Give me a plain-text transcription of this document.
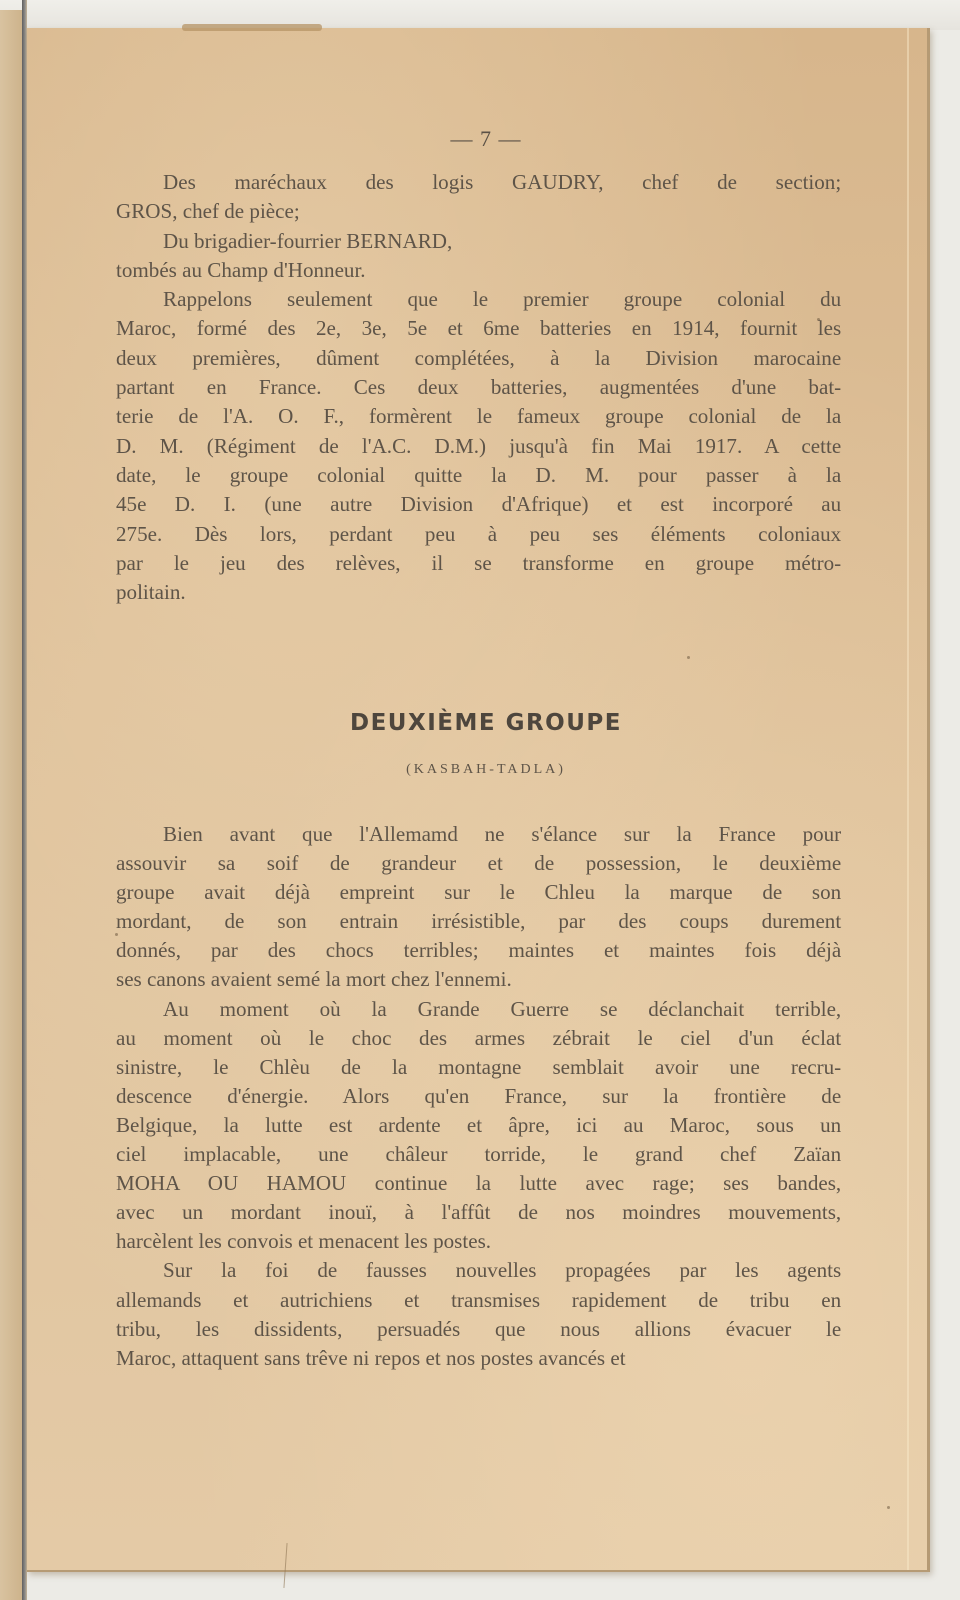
— 7 —

Des maréchaux des logis GAUDRY, chef de section;
GROS, chef de pièce;

Du brigadier-fourrier BERNARD,

tombés au Champ d'Honneur.

Rappelons seulement que le premier groupe colonial du
Maroc, formé des 2e, 3e, 5e et 6me batteries en 1914, fournit les
deux premières, dûment complétées, à la Division marocaine
partant en France. Ces deux batteries, augmentées d'une bat-
terie de l'A. O. F., formèrent le fameux groupe colonial de la
D. M. (Régiment de l'A.C. D.M.) jusqu'à fin Mai 1917. A cette
date, le groupe colonial quitte la D. M. pour passer à la
45e D. I. (une autre Division d'Afrique) et est incorporé au
275e. Dès lors, perdant peu à peu ses éléments coloniaux
par le jeu des relèves, il se transforme en groupe métro-
politain.

DEUXIÈME GROUPE
(KASBAH-TADLA)

Bien avant que l'Allemamd ne s'élance sur la France pour
assouvir sa soif de grandeur et de possession, le deuxième
groupe avait déjà empreint sur le Chleu la marque de son
mordant, de son entrain irrésistible, par des coups durement
donnés, par des chocs terribles; maintes et maintes fois déjà
ses canons avaient semé la mort chez l'ennemi.

Au moment où la Grande Guerre se déclanchait terrible,
au moment où le choc des armes zébrait le ciel d'un éclat
sinistre, le Chlèu de la montagne semblait avoir une recru-
descence d'énergie. Alors qu'en France, sur la frontière de
Belgique, la lutte est ardente et âpre, ici au Maroc, sous un
ciel implacable, une châleur torride, le grand chef Zaïan
MOHA OU HAMOU continue la lutte avec rage; ses bandes,
avec un mordant inouï, à l'affût de nos moindres mouvements,
harcèlent les convois et menacent les postes.

Sur la foi de fausses nouvelles propagées par les agents
allemands et autrichiens et transmises rapidement de tribu en
tribu, les dissidents, persuadés que nous allions évacuer le
Maroc, attaquent sans trêve ni repos et nos postes avancés et
